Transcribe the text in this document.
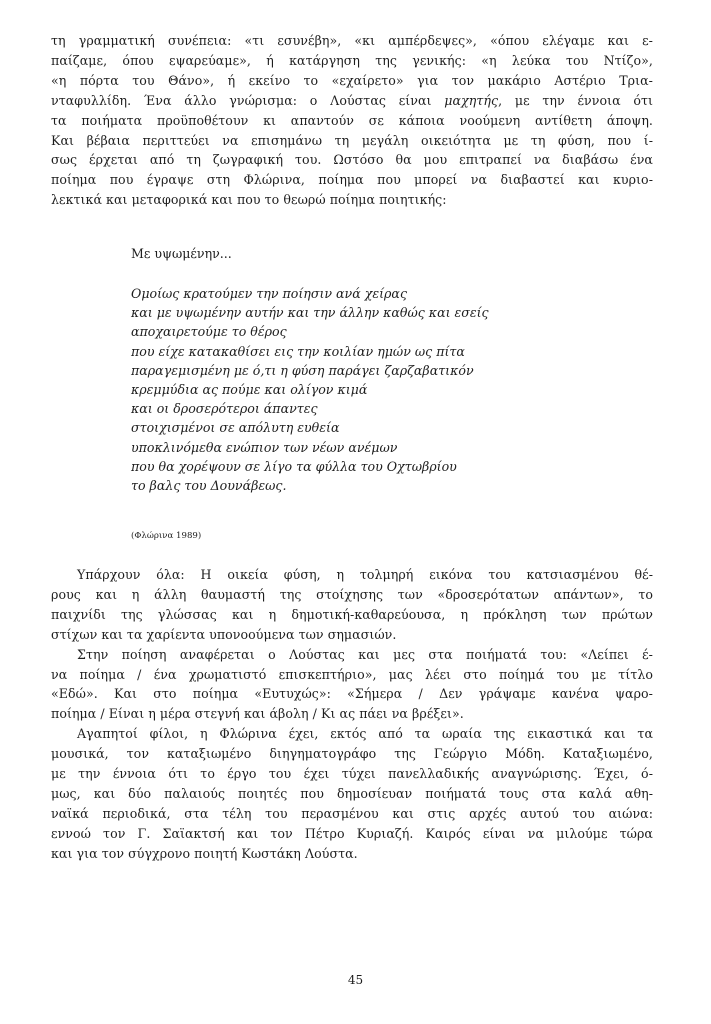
τη γραμματική συνέπεια: «τι εσυνέβη», «κι αμπέρδεψες», «όπου ελέγαμε και ε-
παίζαμε, όπου εψαρεύαμε», ή κατάργηση της γενικής: «η λεύκα του Ντίζο»,
«η πόρτα του Θάνο», ή εκείνο το «εχαίρετο» για τον μακάριο Αστέριο Τρια-
νταφυλλίδη. Ένα άλλο γνώρισμα: ο Λούστας είναι μαχητής, με την έννοια ότι
τα ποιήματα προϋποθέτουν κι απαντούν σε κάποια νοούμενη αντίθετη άποψη.
Και βέβαια περιττεύει να επισημάνω τη μεγάλη οικειότητα με τη φύση, που ί-
σως έρχεται από τη ζωγραφική του. Ωστόσο θα μου επιτραπεί να διαβάσω ένα
ποίημα που έγραψε στη Φλώρινα, ποίημα που μπορεί να διαβαστεί και κυριο-
λεκτικά και μεταφορικά και που το θεωρώ ποίημα ποιητικής:
Με υψωμένην...
Ομοίως κρατούμεν την ποίησιν ανά χείρας
και με υψωμένην αυτήν και την άλλην καθώς και εσείς
αποχαιρετούμε το θέρος
που είχε κατακαθίσει εις την κοιλίαν ημών ως πίτα
παραγεμισμένη με ό,τι η φύση παράγει ζαρζαβατικόν
κρεμμύδια ας πούμε και ολίγον κιμά
και οι δροσερότεροι άπαντες
στοιχισμένοι σε απόλυτη ευθεία
υποκλινόμεθα ενώπιον των νέων ανέμων
που θα χορέψουν σε λίγο τα φύλλα του Οχτωβρίου
το βαλς του Δουνάβεως.
(Φλώρινα 1989)
Υπάρχουν όλα: Η οικεία φύση, η τολμηρή εικόνα του κατσιασμένου θέ-
ρους και η άλλη θαυμαστή της στοίχησης των «δροσερότατων απάντων», το
παιχνίδι της γλώσσας και η δημοτική-καθαρεύουσα, η πρόκληση των πρώτων
στίχων και τα χαρίεντα υπονοούμενα των σημασιών.
Στην ποίηση αναφέρεται ο Λούστας και μες στα ποιήματά του: «Λείπει έ-
να ποίημα / ένα χρωματιστό επισκεπτήριο», μας λέει στο ποίημά του με τίτλο
«Εδώ». Και στο ποίημα «Ευτυχώς»: «Σήμερα / Δεν γράψαμε κανένα ψαρο-
ποίημα / Είναι η μέρα στεγνή και άβολη / Κι ας πάει να βρέξει».
Αγαπητοί φίλοι, η Φλώρινα έχει, εκτός από τα ωραία της εικαστικά και τα
μουσικά, τον καταξιωμένο διηγηματογράφο της Γεώργιο Μόδη. Καταξιωμένο,
με την έννοια ότι το έργο του έχει τύχει πανελλαδικής αναγνώρισης. Έχει, ό-
μως, και δύο παλαιούς ποιητές που δημοσίευαν ποιήματά τους στα καλά αθη-
ναϊκά περιοδικά, στα τέλη του περασμένου και στις αρχές αυτού του αιώνα:
εννοώ τον Γ. Σαϊακτσή και τον Πέτρο Κυριαζή. Καιρός είναι να μιλούμε τώρα
και για τον σύγχρονο ποιητή Κωστάκη Λούστα.
45
